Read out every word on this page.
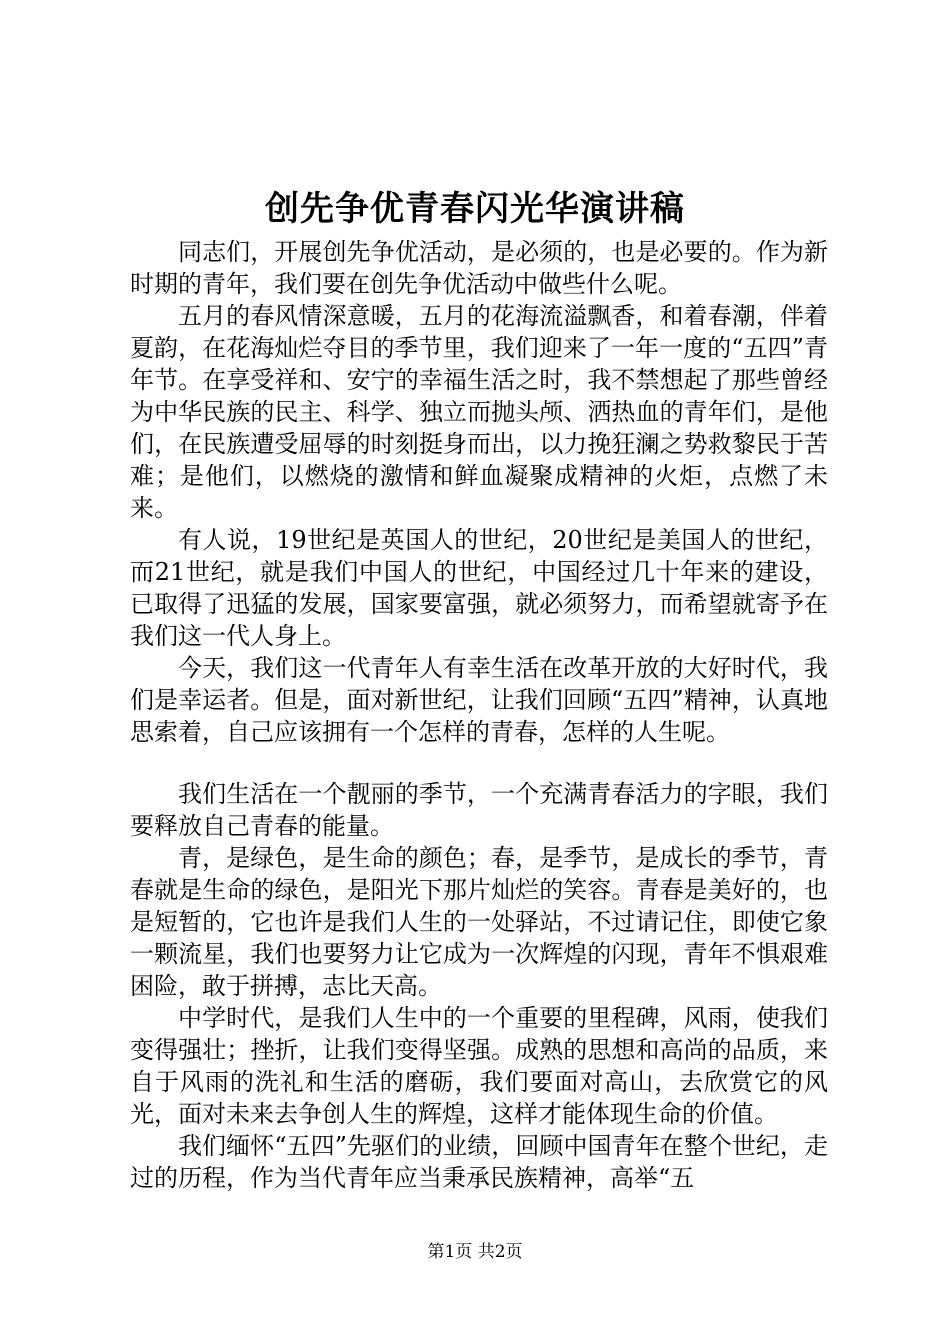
创先争优青春闪光华演讲稿

同志们，开展创先争优活动，是必须的，也是必要的。作为新时期的青年，我们要在创先争优活动中做些什么呢。

五月的春风情深意暖，五月的花海流溢飘香，和着春潮，伴着夏韵，在花海灿烂夺目的季节里，我们迎来了一年一度的“五四”青年节。在享受祥和、安宁的幸福生活之时，我不禁想起了那些曾经为中华民族的民主、科学、独立而抛头颅、洒热血的青年们，是他们，在民族遭受屈辱的时刻挺身而出，以力挽狂澜之势救黎民于苦难；是他们，以燃烧的激情和鲜血凝聚成精神的火炬，点燃了未来。

有人说，19世纪是英国人的世纪，20世纪是美国人的世纪，而21世纪，就是我们中国人的世纪，中国经过几十年来的建设，已取得了迅猛的发展，国家要富强，就必须努力，而希望就寄予在我们这一代人身上。

今天，我们这一代青年人有幸生活在改革开放的大好时代，我们是幸运者。但是，面对新世纪，让我们回顾“五四”精神，认真地思索着，自己应该拥有一个怎样的青春，怎样的人生呢。

我们生活在一个靓丽的季节，一个充满青春活力的字眼，我们要释放自己青春的能量。

青，是绿色，是生命的颜色；春，是季节，是成长的季节，青春就是生命的绿色，是阳光下那片灿烂的笑容。青春是美好的，也是短暂的，它也许是我们人生的一处驿站，不过请记住，即使它象一颗流星，我们也要努力让它成为一次辉煌的闪现，青年不惧艰难困险，敢于拼搏，志比天高。

中学时代，是我们人生中的一个重要的里程碑，风雨，使我们变得强壮；挫折，让我们变得坚强。成熟的思想和高尚的品质，来自于风雨的洗礼和生活的磨砺，我们要面对高山，去欣赏它的风光，面对未来去争创人生的辉煌，这样才能体现生命的价值。

我们缅怀“五四”先驱们的业绩，回顾中国青年在整个世纪，走过的历程，作为当代青年应当秉承民族精神，高举“五

第1页 共2页
